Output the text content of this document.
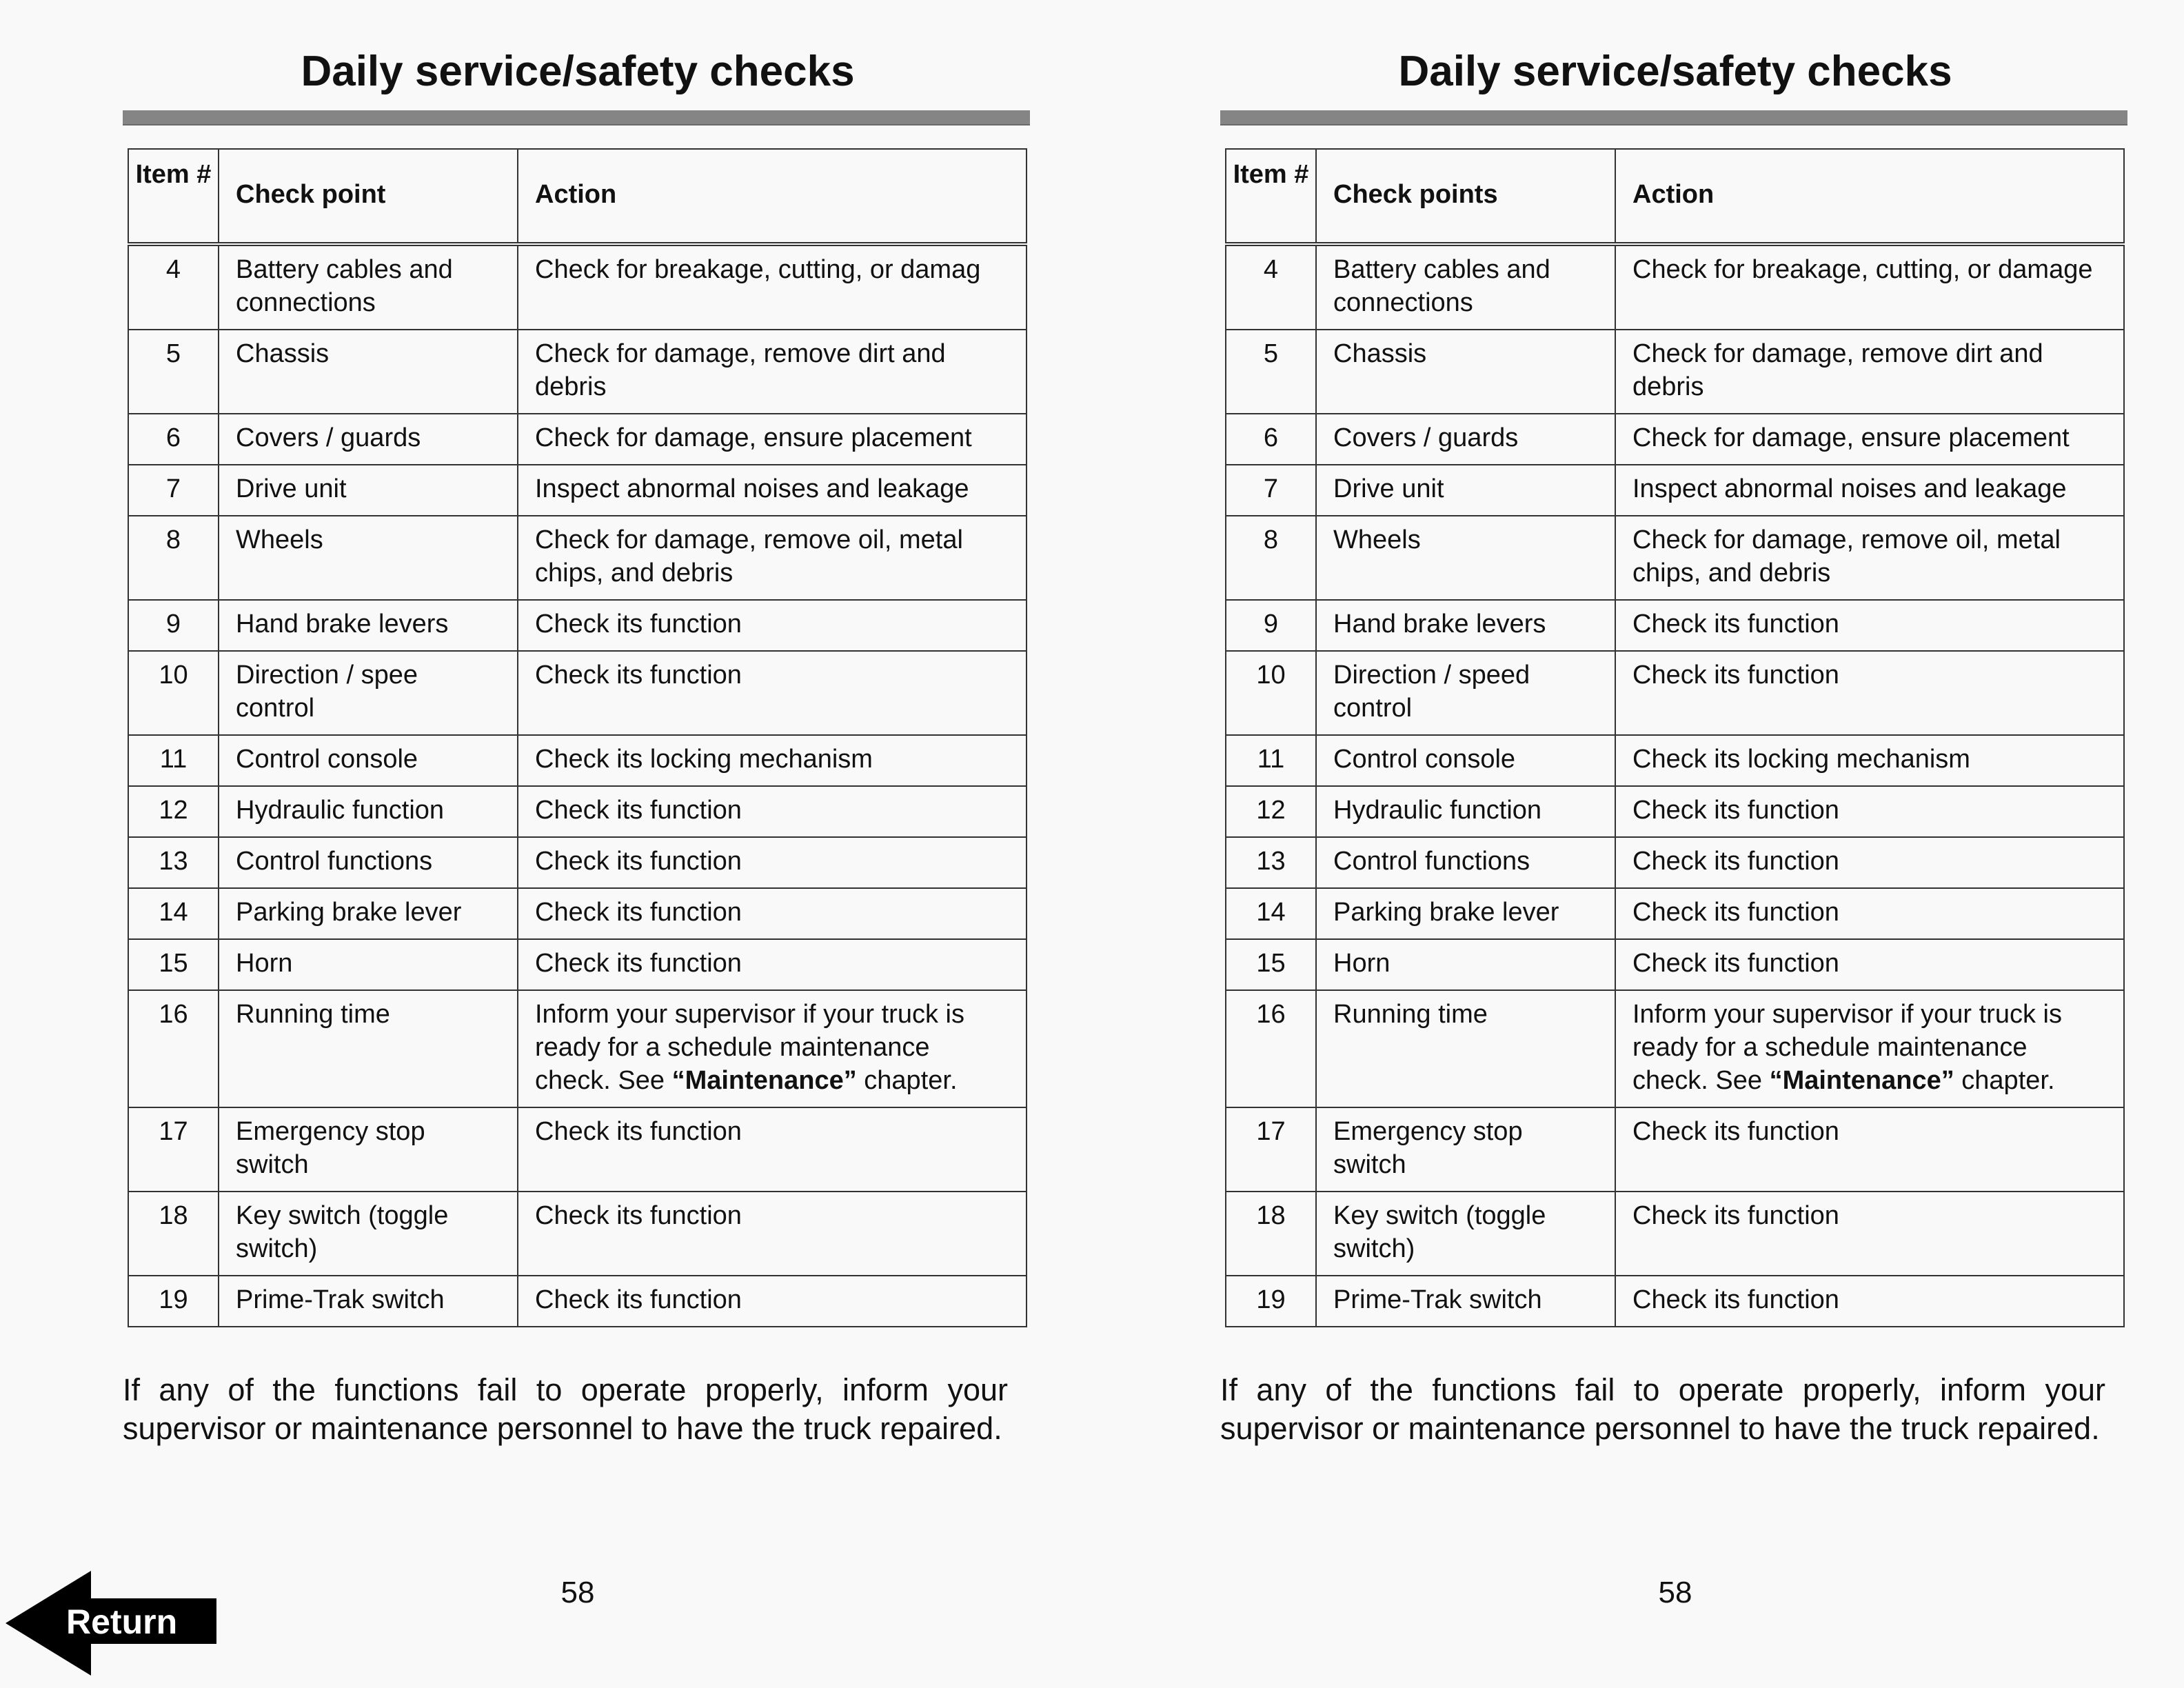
Daily service/safety checks
Item #	Check point	Action
4	Battery cables and connections	Check for breakage, cutting, or damag
5	Chassis	Check for damage, remove dirt and debris
6	Covers / guards	Check for damage, ensure placement
7	Drive unit	Inspect abnormal noises and leakage
8	Wheels	Check for damage, remove oil, metal chips, and debris
9	Hand brake levers	Check its function
10	Direction / spee control	Check its function
11	Control console	Check its locking mechanism
12	Hydraulic function	Check its function
13	Control functions	Check its function
14	Parking brake lever	Check its function
15	Horn	Check its function
16	Running time	Inform your supervisor if your truck is ready for a schedule maintenance check. See “Maintenance” chapter.
17	Emergency stop switch	Check its function
18	Key switch (toggle switch)	Check its function
19	Prime-Trak switch	Check its function
If any of the functions fail to operate properly, inform your supervisor or maintenance personnel to have the truck repaired.
58
Daily service/safety checks
Item #	Check points	Action
4	Battery cables and connections	Check for breakage, cutting, or damage
5	Chassis	Check for damage, remove dirt and debris
6	Covers / guards	Check for damage, ensure placement
7	Drive unit	Inspect abnormal noises and leakage
8	Wheels	Check for damage, remove oil, metal chips, and debris
9	Hand brake levers	Check its function
10	Direction / speed control	Check its function
11	Control console	Check its locking mechanism
12	Hydraulic function	Check its function
13	Control functions	Check its function
14	Parking brake lever	Check its function
15	Horn	Check its function
16	Running time	Inform your supervisor if your truck is ready for a schedule maintenance check. See “Maintenance” chapter.
17	Emergency stop switch	Check its function
18	Key switch (toggle switch)	Check its function
19	Prime-Trak switch	Check its function
If any of the functions fail to operate properly, inform your supervisor or maintenance personnel to have the truck repaired.
58
Return
